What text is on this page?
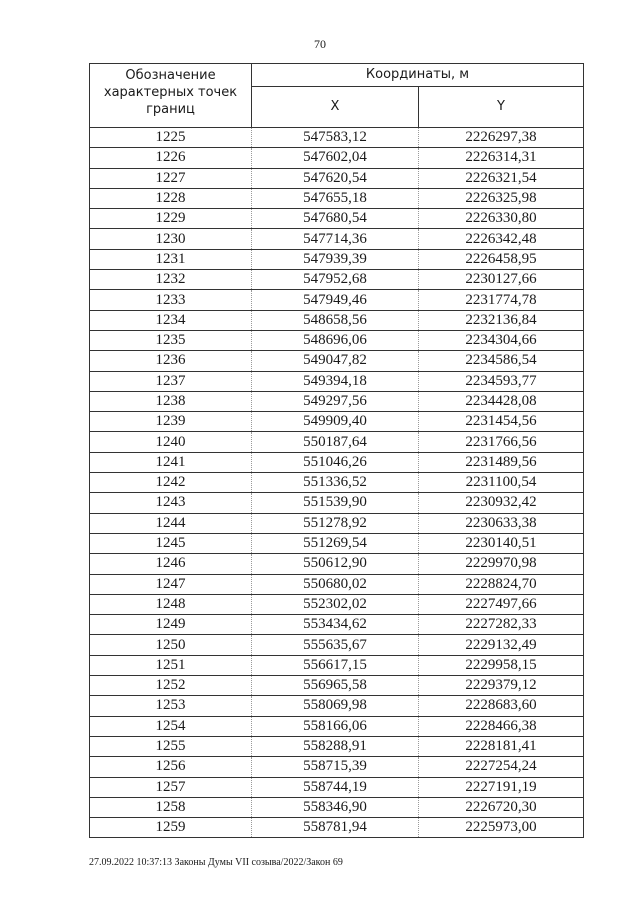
70
Обозначение характерных точек границ	Координаты, м	
	X	Y
1225	547583,12	2226297,38
1226	547602,04	2226314,31
1227	547620,54	2226321,54
1228	547655,18	2226325,98
1229	547680,54	2226330,80
1230	547714,36	2226342,48
1231	547939,39	2226458,95
1232	547952,68	2230127,66
1233	547949,46	2231774,78
1234	548658,56	2232136,84
1235	548696,06	2234304,66
1236	549047,82	2234586,54
1237	549394,18	2234593,77
1238	549297,56	2234428,08
1239	549909,40	2231454,56
1240	550187,64	2231766,56
1241	551046,26	2231489,56
1242	551336,52	2231100,54
1243	551539,90	2230932,42
1244	551278,92	2230633,38
1245	551269,54	2230140,51
1246	550612,90	2229970,98
1247	550680,02	2228824,70
1248	552302,02	2227497,66
1249	553434,62	2227282,33
1250	555635,67	2229132,49
1251	556617,15	2229958,15
1252	556965,58	2229379,12
1253	558069,98	2228683,60
1254	558166,06	2228466,38
1255	558288,91	2228181,41
1256	558715,39	2227254,24
1257	558744,19	2227191,19
1258	558346,90	2226720,30
1259	558781,94	2225973,00
27.09.2022 10:37:13 Законы Думы VII созыва/2022/Закон 69
